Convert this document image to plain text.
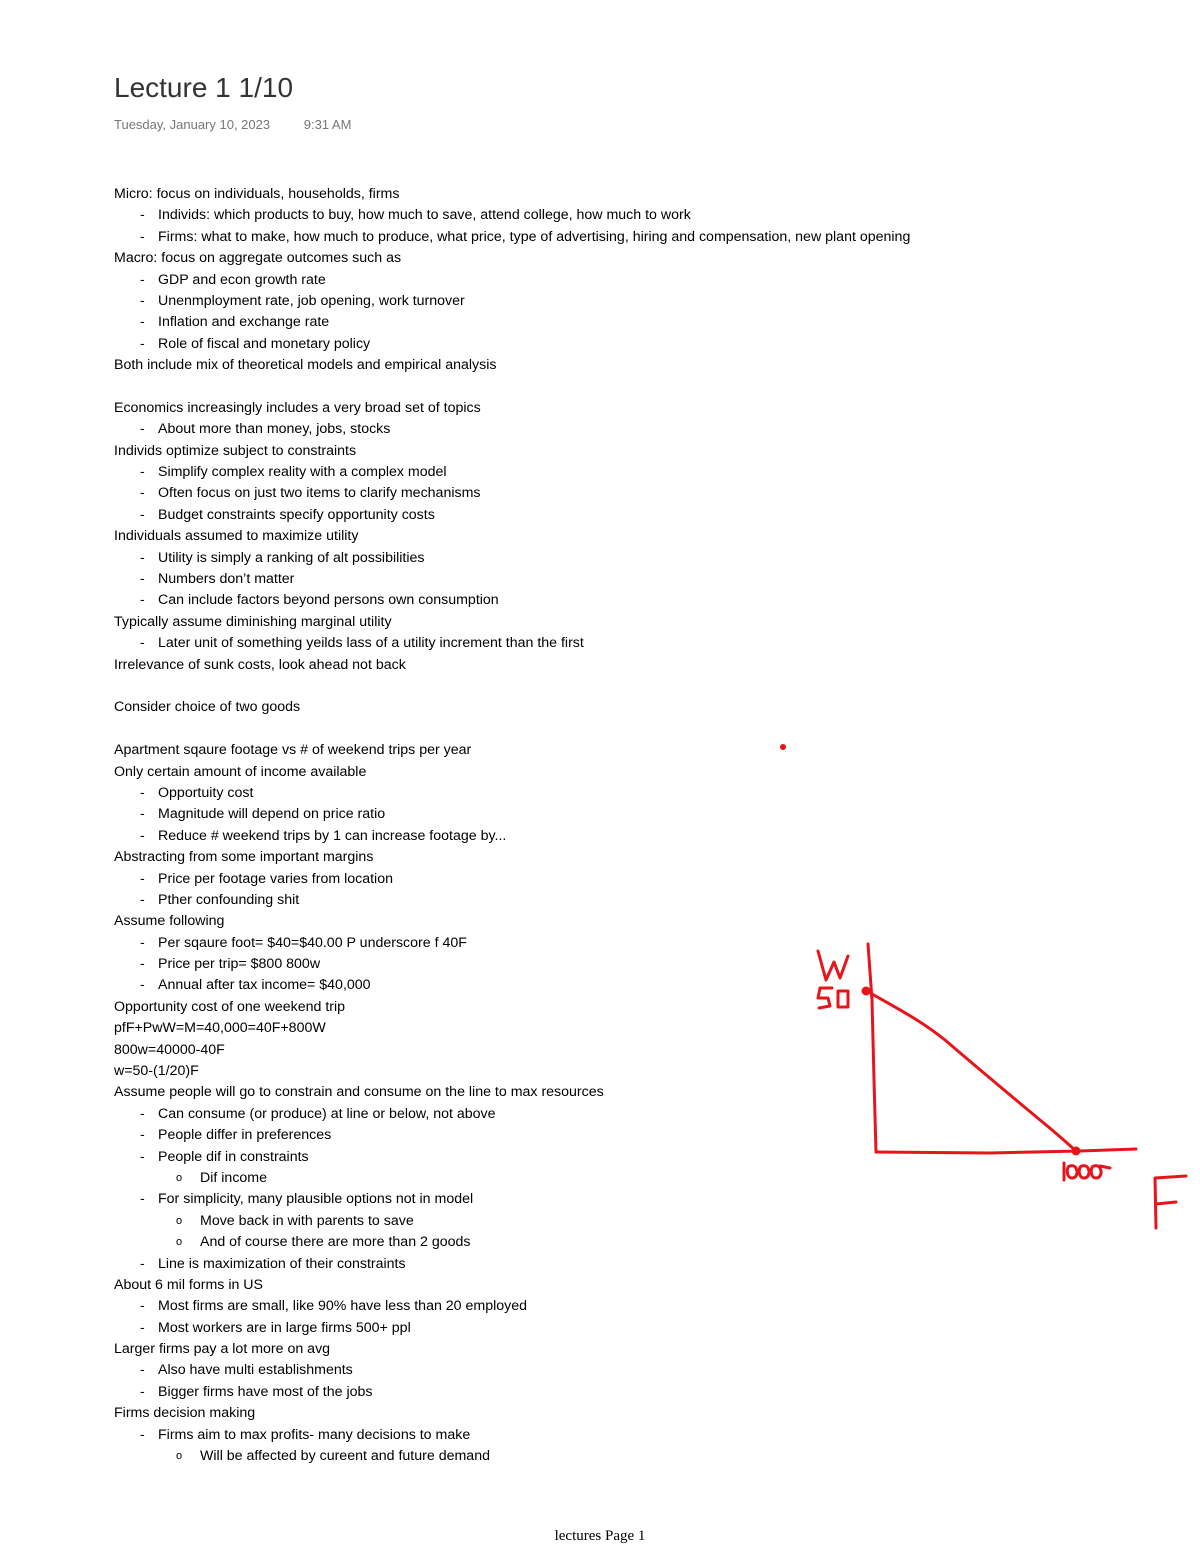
Lecture 1 1/10
Tuesday, January 10, 2023	9:31 AM
Micro: focus on individuals, households, firms
- Individs: which products to buy, how much to save, attend college, how much to work
- Firms: what to make, how much to produce, what price, type of advertising, hiring and compensation, new plant opening
Macro: focus on aggregate outcomes such as
- GDP and econ growth rate
- Unenmployment rate, job opening, work turnover
- Inflation and exchange rate
- Role of fiscal and monetary policy
Both include mix of theoretical models and empirical analysis
Economics increasingly includes a very broad set of topics
- About more than money, jobs, stocks
Individs optimize subject to constraints
- Simplify complex reality with a complex model
- Often focus on just two items to clarify mechanisms
- Budget constraints specify opportunity costs
Individuals assumed to maximize utility
- Utility is simply a ranking of alt possibilities
- Numbers don’t matter
- Can include factors beyond persons own consumption
Typically assume diminishing marginal utility
- Later unit of something yeilds lass of a utility increment than the first
Irrelevance of sunk costs, look ahead not back
Consider choice of two goods
Apartment sqaure footage vs # of weekend trips per year
Only certain amount of income available
- Opportuity cost
- Magnitude will depend on price ratio
- Reduce # weekend trips by 1 can increase footage by...
Abstracting from some important margins
- Price per footage varies from location
- Pther confounding shit
Assume following
- Per sqaure foot= $40=$40.00 P underscore f 40F
- Price per trip= $800 800w
- Annual after tax income= $40,000
Opportunity cost of one weekend trip
pfF+PwW=M=40,000=40F+800W
800w=40000-40F
w=50-(1/20)F
Assume people will go to constrain and consume on the line to max resources
- Can consume (or produce) at line or below, not above
- People differ in preferences
- People dif in constraints
o Dif income
- For simplicity, many plausible options not in model
o Move back in with parents to save
o And of course there are more than 2 goods
- Line is maximization of their constraints
About 6 mil forms in US
- Most firms are small, like 90% have less than 20 employed
- Most workers are in large firms 500+ ppl
Larger firms pay a lot more on avg
- Also have multi establishments
- Bigger firms have most of the jobs
Firms decision making
- Firms aim to max profits- many decisions to make
o Will be affected by cureent and future demand
lectures Page 1
